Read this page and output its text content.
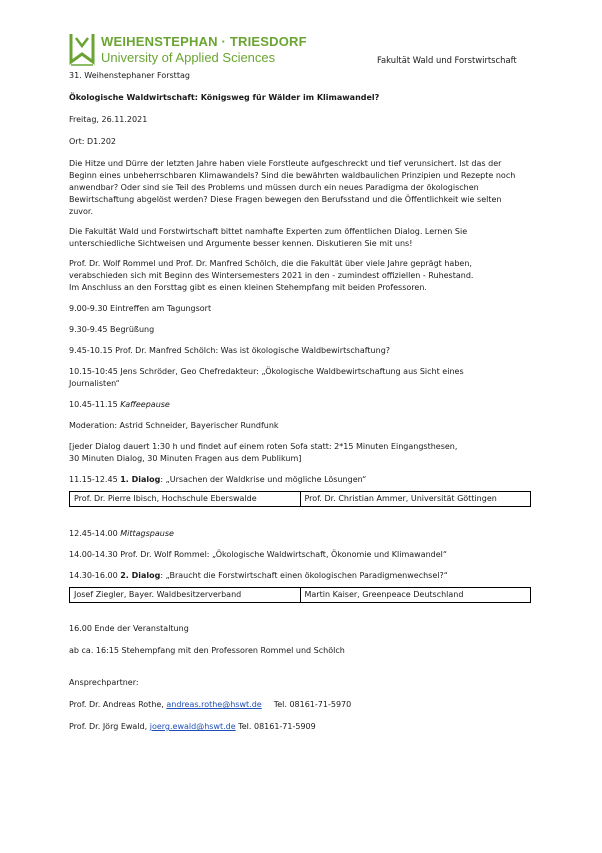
WEIHENSTEPHAN · TRIESDORF
University of Applied Sciences	Fakultät Wald und Forstwirtschaft

31. Weihenstephaner Forsttag

Ökologische Waldwirtschaft: Königsweg für Wälder im Klimawandel?

Freitag, 26.11.2021

Ort: D1.202

Die Hitze und Dürre der letzten Jahre haben viele Forstleute aufgeschreckt und tief verunsichert. Ist das der
Beginn eines unbeherrschbaren Klimawandels? Sind die bewährten waldbaulichen Prinzipien und Rezepte noch
anwendbar? Oder sind sie Teil des Problems und müssen durch ein neues Paradigma der ökologischen
Bewirtschaftung abgelöst werden? Diese Fragen bewegen den Berufsstand und die Öffentlichkeit wie selten
zuvor.

Die Fakultät Wald und Forstwirtschaft bittet namhafte Experten zum öffentlichen Dialog. Lernen Sie
unterschiedliche Sichtweisen und Argumente besser kennen. Diskutieren Sie mit uns!

Prof. Dr. Wolf Rommel und Prof. Dr. Manfred Schölch, die die Fakultät über viele Jahre geprägt haben,
verabschieden sich mit Beginn des Wintersemesters 2021 in den - zumindest offiziellen - Ruhestand.
Im Anschluss an den Forsttag gibt es einen kleinen Stehempfang mit beiden Professoren.

9.00-9.30 Eintreffen am Tagungsort

9.30-9.45 Begrüßung

9.45-10.15 Prof. Dr. Manfred Schölch: Was ist ökologische Waldbewirtschaftung?

10.15-10:45 Jens Schröder, Geo Chefredakteur: „Ökologische Waldbewirtschaftung aus Sicht eines
Journalisten“

10.45-11.15 Kaffeepause

Moderation: Astrid Schneider, Bayerischer Rundfunk

[jeder Dialog dauert 1:30 h und findet auf einem roten Sofa statt: 2*15 Minuten Eingangsthesen,
30 Minuten Dialog, 30 Minuten Fragen aus dem Publikum]

11.15-12.45 1. Dialog: „Ursachen der Waldkrise und mögliche Lösungen“

Prof. Dr. Pierre Ibisch, Hochschule Eberswalde	Prof. Dr. Christian Ammer, Universität Göttingen

12.45-14.00 Mittagspause

14.00-14.30 Prof. Dr. Wolf Rommel: „Ökologische Waldwirtschaft, Ökonomie und Klimawandel“

14.30-16.00 2. Dialog: „Braucht die Forstwirtschaft einen ökologischen Paradigmenwechsel?“

Josef Ziegler, Bayer. Waldbesitzerverband	Martin Kaiser, Greenpeace Deutschland

16.00 Ende der Veranstaltung

ab ca. 16:15 Stehempfang mit den Professoren Rommel und Schölch

Ansprechpartner:

Prof. Dr. Andreas Rothe, andreas.rothe@hswt.de Tel. 08161-71-5970

Prof. Dr. Jörg Ewald, joerg.ewald@hswt.de Tel. 08161-71-5909
